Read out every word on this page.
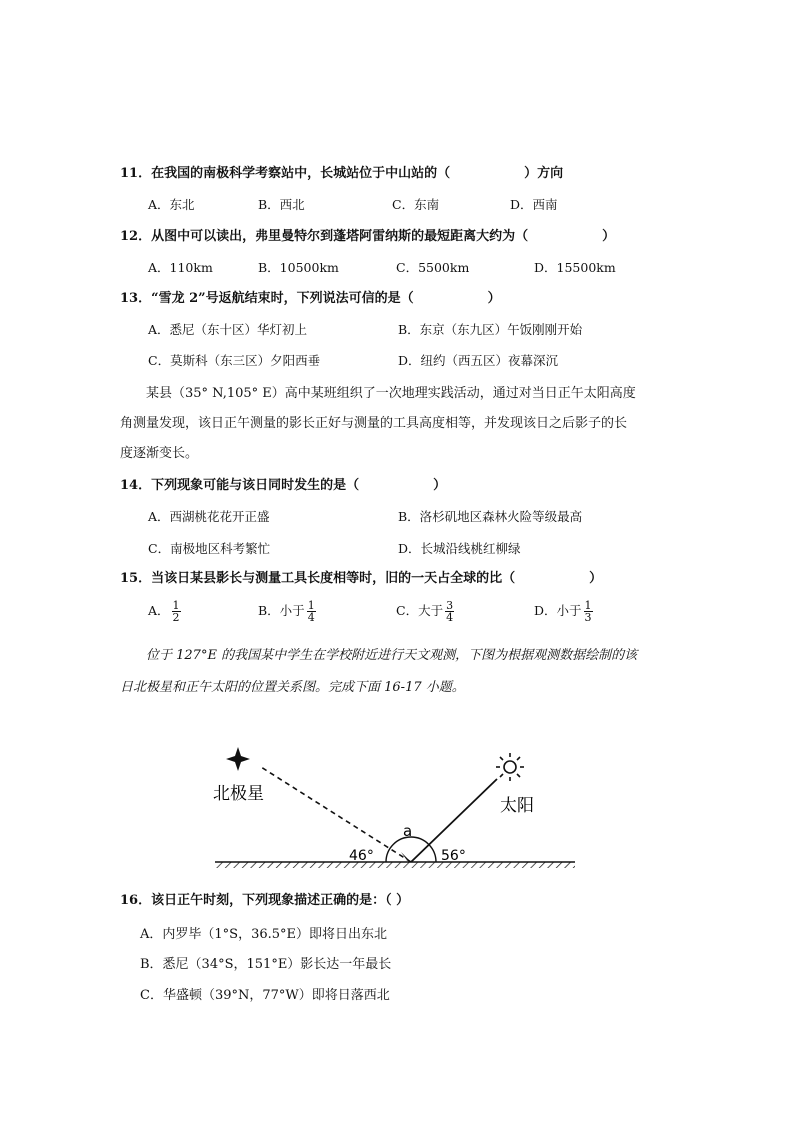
11．在我国的南极科学考察站中，长城站位于中山站的（	）方向
A．东北	B．西北	C．东南	D．西南
12．从图中可以读出，弗里曼特尔到蓬塔阿雷纳斯的最短距离大约为（	）
A．110km	B．10500km	C．5500km	D．15500km
13．“雪龙 2”号返航结束时，下列说法可信的是（	）
A．悉尼（东十区）华灯初上	B．东京（东九区）午饭刚刚开始
C．莫斯科（东三区）夕阳西垂	D．纽约（西五区）夜幕深沉
某县（35° N,105° E）高中某班组织了一次地理实践活动，通过对当日正午太阳高度
角测量发现，该日正午测量的影长正好与测量的工具高度相等，并发现该日之后影子的长
度逐渐变长。
14．下列现象可能与该日同时发生的是（	）
A．西湖桃花花开正盛	B．洛杉矶地区森林火险等级最高
C．南极地区科考繁忙	D．长城沿线桃红柳绿
15．当该日某县影长与测量工具长度相等时，旧的一天占全球的比（	）
A． $\frac{1}{2}$	B．小于 $\frac{1}{4}$	C．大于 $\frac{3}{4}$	D．小于 $\frac{1}{3}$
位于 127°E 的我国某中学生在学校附近进行天文观测，下图为根据观测数据绘制的该
日北极星和正午太阳的位置关系图。完成下面 16-17 小题。
北极星
太阳
a
46°	56°
16．该日正午时刻，下列现象描述正确的是：（ ）
A．内罗毕（1°S，36.5°E）即将日出东北
B．悉尼（34°S，151°E）影长达一年最长
C．华盛顿（39°N，77°W）即将日落西北
